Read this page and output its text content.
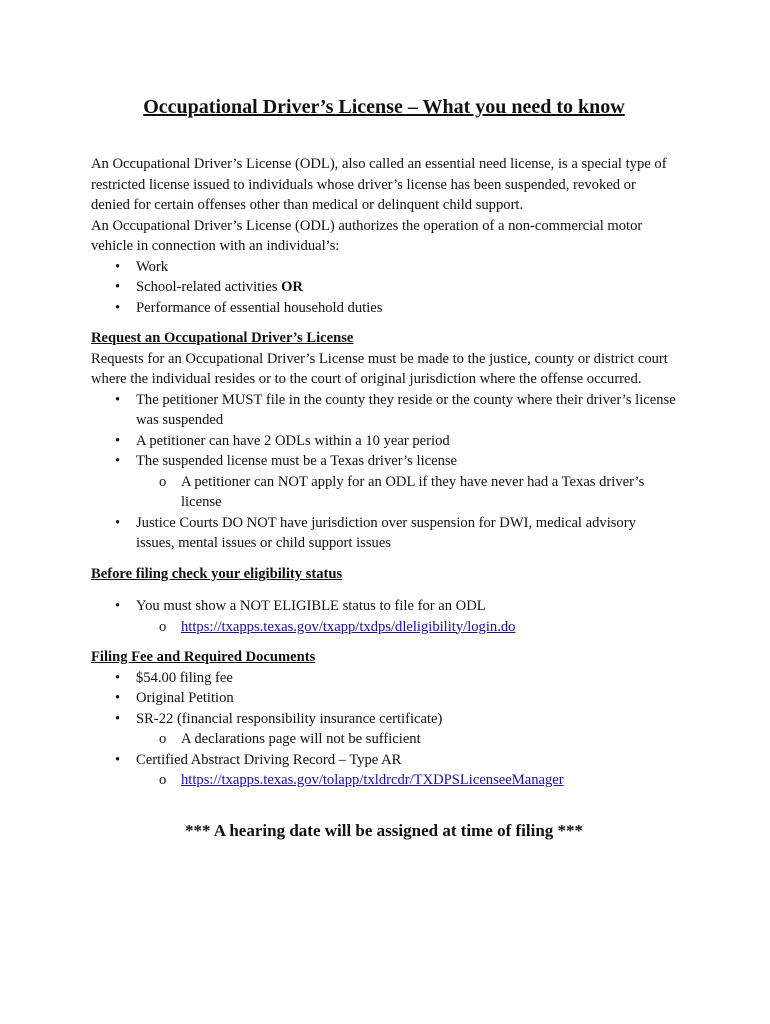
Occupational Driver’s License – What you need to know

An Occupational Driver’s License (ODL), also called an essential need license, is a special type of restricted license issued to individuals whose driver’s license has been suspended, revoked or denied for certain offenses other than medical or delinquent child support.

An Occupational Driver’s License (ODL) authorizes the operation of a non-commercial motor vehicle in connection with an individual’s:

• Work
• School-related activities OR
• Performance of essential household duties

Request an Occupational Driver’s License

Requests for an Occupational Driver’s License must be made to the justice, county or district court where the individual resides or to the court of original jurisdiction where the offense occurred.

• The petitioner MUST file in the county they reside or the county where their driver’s license was suspended
• A petitioner can have 2 ODLs within a 10 year period
• The suspended license must be a Texas driver’s license
o A petitioner can NOT apply for an ODL if they have never had a Texas driver’s license
• Justice Courts DO NOT have jurisdiction over suspension for DWI, medical advisory issues, mental issues or child support issues

Before filing check your eligibility status

• You must show a NOT ELIGIBLE status to file for an ODL
o https://txapps.texas.gov/txapp/txdps/dleligibility/login.do

Filing Fee and Required Documents

• $54.00 filing fee
• Original Petition
• SR-22 (financial responsibility insurance certificate)
o A declarations page will not be sufficient
• Certified Abstract Driving Record – Type AR
o https://txapps.texas.gov/tolapp/txldrcdr/TXDPSLicenseeManager

*** A hearing date will be assigned at time of filing ***
